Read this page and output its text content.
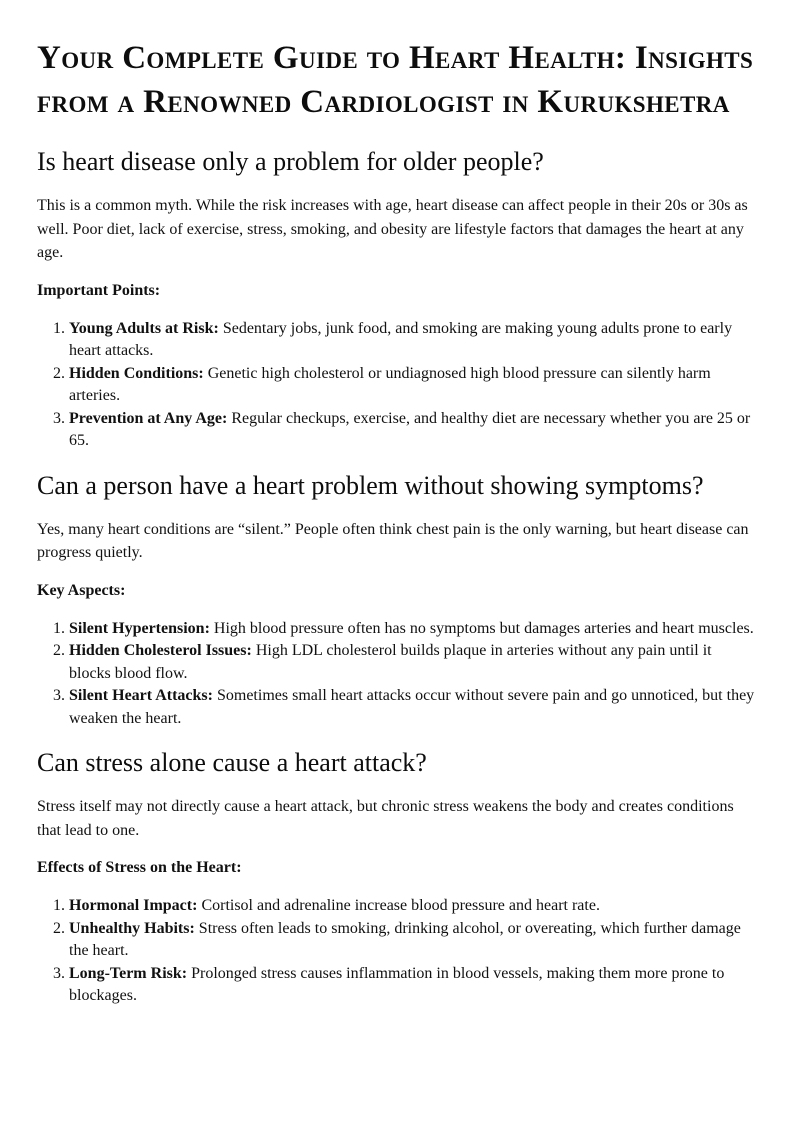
Your Complete Guide to Heart Health: Insights from a Renowned Cardiologist in Kurukshetra
Is heart disease only a problem for older people?

This is a common myth. While the risk increases with age, heart disease can affect people in their 20s or 30s as well. Poor diet, lack of exercise, stress, smoking, and obesity are lifestyle factors that damages the heart at any age.

Important Points:

1. Young Adults at Risk: Sedentary jobs, junk food, and smoking are making young adults prone to early heart attacks.
2. Hidden Conditions: Genetic high cholesterol or undiagnosed high blood pressure can silently harm arteries.
3. Prevention at Any Age: Regular checkups, exercise, and healthy diet are necessary whether you are 25 or 65.
Can a person have a heart problem without showing symptoms?

Yes, many heart conditions are “silent.” People often think chest pain is the only warning, but heart disease can progress quietly.

Key Aspects:

1. Silent Hypertension: High blood pressure often has no symptoms but damages arteries and heart muscles.
2. Hidden Cholesterol Issues: High LDL cholesterol builds plaque in arteries without any pain until it blocks blood flow.
3. Silent Heart Attacks: Sometimes small heart attacks occur without severe pain and go unnoticed, but they weaken the heart.
Can stress alone cause a heart attack?

Stress itself may not directly cause a heart attack, but chronic stress weakens the body and creates conditions that lead to one.

Effects of Stress on the Heart:

1. Hormonal Impact: Cortisol and adrenaline increase blood pressure and heart rate.
2. Unhealthy Habits: Stress often leads to smoking, drinking alcohol, or overeating, which further damage the heart.
3. Long-Term Risk: Prolonged stress causes inflammation in blood vessels, making them more prone to blockages.
